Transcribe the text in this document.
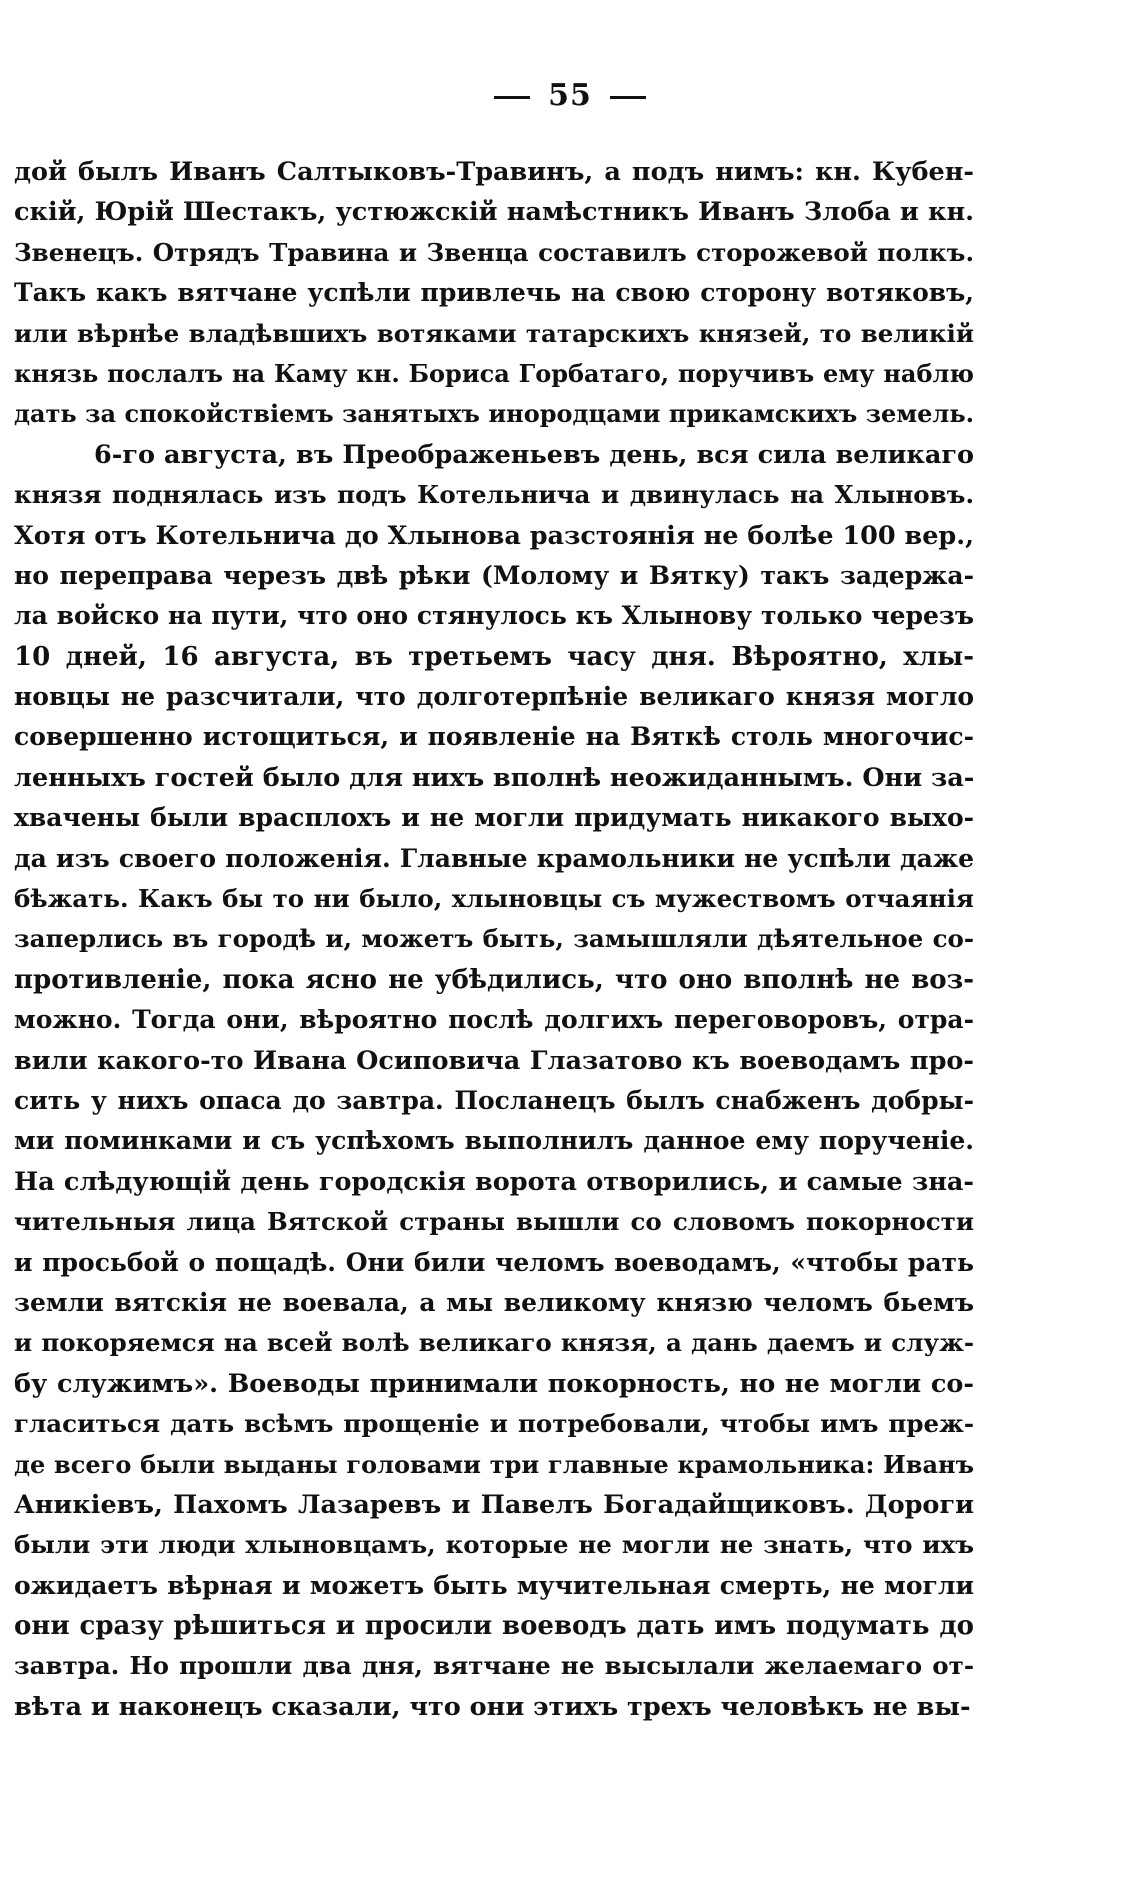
55

дой былъ Иванъ Салтыковъ-Травинъ, а подъ нимъ: кн. Кубен-
скій, Юрій Шестакъ, устюжскій намѣстникъ Иванъ Злоба и кн.
Звенецъ. Отрядъ Травина и Звенца составилъ сторожевой полкъ.
Такъ какъ вятчане успѣли привлечь на свою сторону вотяковъ,
или вѣрнѣе владѣвшихъ вотяками татарскихъ князей, то великій
князь послалъ на Каму кн. Бориса Горбатаго, поручивъ ему наблю
дать за спокойствіемъ занятыхъ инородцами прикамскихъ земель.
6-го августа, въ Преображеньевъ день, вся сила великаго
князя поднялась изъ подъ Котельнича и двинулась на Хлыновъ.
Хотя отъ Котельнича до Хлынова разстоянія не болѣе 100 вер.,
но переправа черезъ двѣ рѣки (Молому и Вятку) такъ задержа-
ла войско на пути, что оно стянулось къ Хлынову только черезъ
10 дней, 16 августа, въ третьемъ часу дня. Вѣроятно, хлы-
новцы не разсчитали, что долготерпѣніе великаго князя могло
совершенно истощиться, и появленіе на Вяткѣ столь многочис-
ленныхъ гостей было для нихъ вполнѣ неожиданнымъ. Они за-
хвачены были врасплохъ и не могли придумать никакого выхо-
да изъ своего положенія. Главные крамольники не успѣли даже
бѣжать. Какъ бы то ни было, хлыновцы съ мужествомъ отчаянія
заперлись въ городѣ и, можетъ быть, замышляли дѣятельное со-
противленіе, пока ясно не убѣдились, что оно вполнѣ не воз-
можно. Тогда они, вѣроятно послѣ долгихъ переговоровъ, отра-
вили какого-то Ивана Осиповича Глазатово къ воеводамъ про-
сить у нихъ опаса до завтра. Посланецъ былъ снабженъ добры-
ми поминками и съ успѣхомъ выполнилъ данное ему порученіе.
На слѣдующій день городскія ворота отворились, и самые зна-
чительныя лица Вятской страны вышли со словомъ покорности
и просьбой о пощадѣ. Они били челомъ воеводамъ, «чтобы рать
земли вятскія не воевала, а мы великому князю челомъ бьемъ
и покоряемся на всей волѣ великаго князя, а дань даемъ и служ-
бу служимъ». Воеводы принимали покорность, но не могли со-
гласиться дать всѣмъ прощеніе и потребовали, чтобы имъ преж-
де всего были выданы головами три главные крамольника: Иванъ
Аникіевъ, Пахомъ Лазаревъ и Павелъ Богадайщиковъ. Дороги
были эти люди хлыновцамъ, которые не могли не знать, что ихъ
ожидаетъ вѣрная и можетъ быть мучительная смерть, не могли
они сразу рѣшиться и просили воеводъ дать имъ подумать до
завтра. Но прошли два дня, вятчане не высылали желаемаго от-
вѣта и наконецъ сказали, что они этихъ трехъ человѣкъ не вы-
